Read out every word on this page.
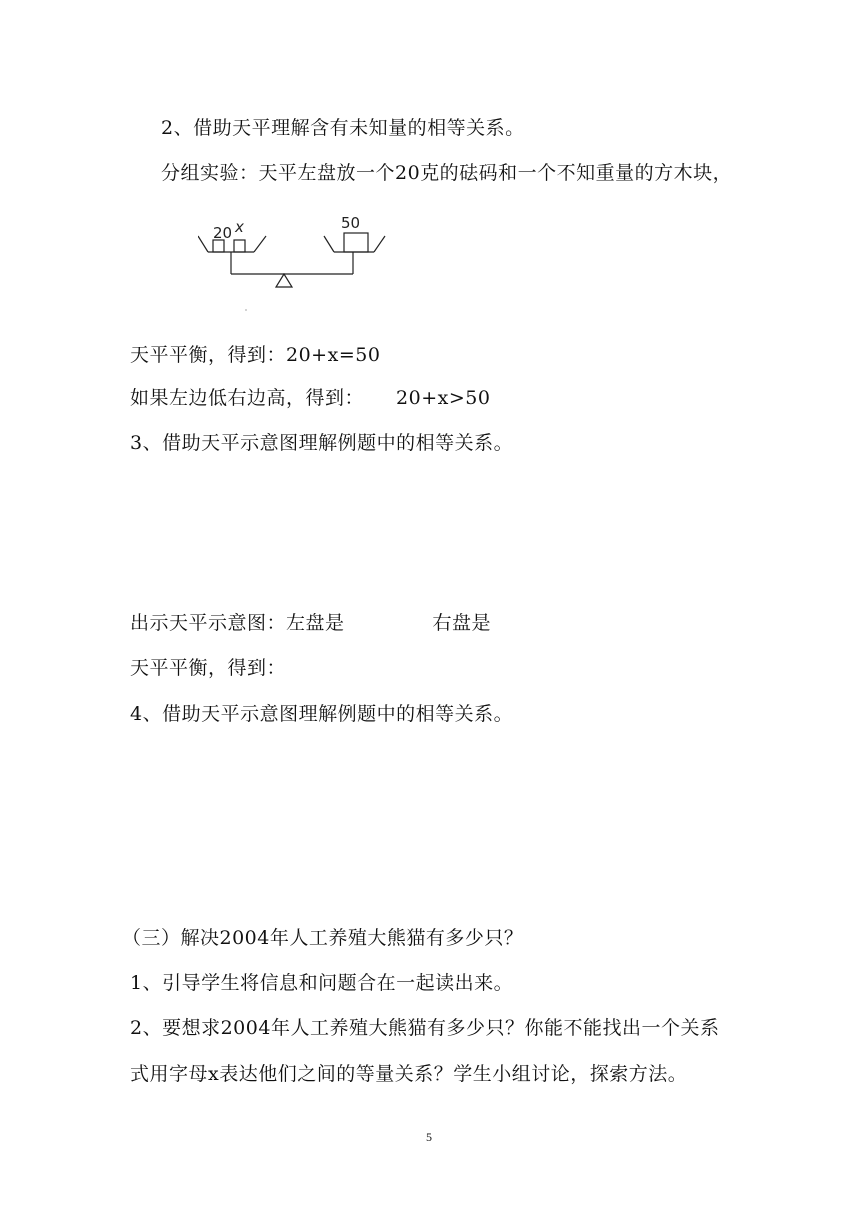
2、借助天平理解含有未知量的相等关系。
分组实验：天平左盘放一个20克的砝码和一个不知重量的方木块，
20 x	50
天平平衡，得到：20+x=50
如果左边低右边高，得到： 20+x>50
3、借助天平示意图理解例题中的相等关系。
出示天平示意图：左盘是	右盘是
天平平衡，得到：
4、借助天平示意图理解例题中的相等关系。
（三）解决2004年人工养殖大熊猫有多少只？
1、引导学生将信息和问题合在一起读出来。
2、要想求2004年人工养殖大熊猫有多少只？你能不能找出一个关系
式用字母x表达他们之间的等量关系？学生小组讨论，探索方法。
5
